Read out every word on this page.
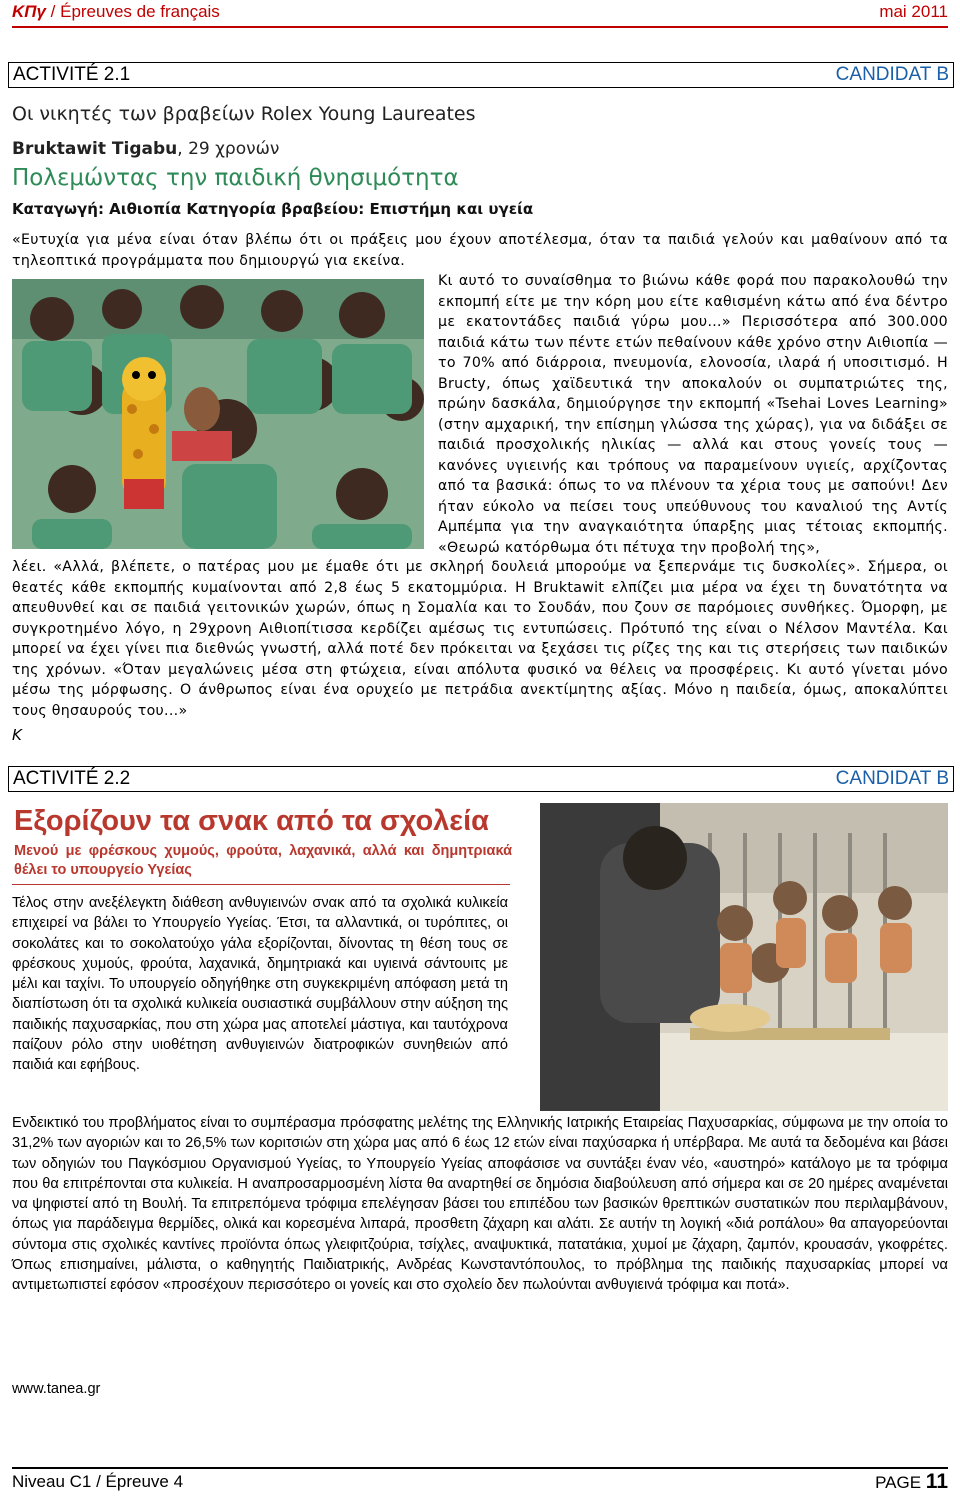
ΚΠγ / Épreuves de français	mai 2011
ACTIVITÉ 2.1	CANDIDAT B
Οι νικητές των βραβείων Rolex Young Laureates
Bruktawit Tigabu, 29 χρονών
Πολεμώντας την παιδική θνησιμότητα
Καταγωγή: Αιθιοπία Κατηγορία βραβείου: Επιστήμη και υγεία
«Ευτυχία για μένα είναι όταν βλέπω ότι οι πράξεις μου έχουν αποτέλεσμα, όταν τα παιδιά γελούν και μαθαίνουν από τα τηλεοπτικά προγράμματα που δημιουργώ για εκείνα.
Κι αυτό το συναίσθημα το βιώνω κάθε φορά που παρακολουθώ την εκπομπή είτε με την κόρη μου είτε καθισμένη κάτω από ένα δέντρο με εκατοντάδες παιδιά γύρω μου…» Περισσότερα από 300.000 παιδιά κάτω των πέντε ετών πεθαίνουν κάθε χρόνο στην Αιθιοπία — το 70% από διάρροια, πνευμονία, ελονοσία, ιλαρά ή υποσιτισμό. Η Bructy, όπως χαϊδευτικά την αποκαλούν οι συμπατριώτες της, πρώην δασκάλα, δημιούργησε την εκπομπή «Tsehai Loves Learning» (στην αμχαρική, την επίσημη γλώσσα της χώρας), για να διδάξει σε παιδιά προσχολικής ηλικίας — αλλά και στους γονείς τους — κανόνες υγιεινής και τρόπους να παραμείνουν υγιείς, αρχίζοντας από τα βασικά: όπως το να πλένουν τα χέρια τους με σαπούνι! Δεν ήταν εύκολο να πείσει τους υπεύθυνους του καναλιού της Αντίς Αμπέμπα για την αναγκαιότητα ύπαρξης μιας τέτοιας εκπομπής. «Θεωρώ κατόρθωμα ότι πέτυχα την προβολή της»,
λέει. «Αλλά, βλέπετε, ο πατέρας μου με έμαθε ότι με σκληρή δουλειά μπορούμε να ξεπερνάμε τις δυσκολίες». Σήμερα, οι θεατές κάθε εκπομπής κυμαίνονται από 2,8 έως 5 εκατομμύρια. Η Bruktawit ελπίζει μια μέρα να έχει τη δυνατότητα να απευθυνθεί και σε παιδιά γειτονικών χωρών, όπως η Σομαλία και το Σουδάν, που ζουν σε παρόμοιες συνθήκες. Όμορφη, με συγκροτημένο λόγο, η 29χρονη Αιθιοπίτισσα κερδίζει αμέσως τις εντυπώσεις. Πρότυπό της είναι ο Νέλσον Μαντέλα. Και μπορεί να έχει γίνει πια διεθνώς γνωστή, αλλά ποτέ δεν πρόκειται να ξεχάσει τις ρίζες της και τις στερήσεις των παιδικών της χρόνων. «Όταν μεγαλώνεις μέσα στη φτώχεια, είναι απόλυτα φυσικό να θέλεις να προσφέρεις. Κι αυτό γίνεται μόνο μέσω της μόρφωσης. Ο άνθρωπος είναι ένα ορυχείο με πετράδια ανεκτίμητης αξίας. Μόνο η παιδεία, όμως, αποκαλύπτει τους θησαυρούς του...»
Κ
ACTIVITÉ 2.2	CANDIDAT B
Εξορίζουν τα σνακ από τα σχολεία
Μενού με φρέσκους χυμούς, φρούτα, λαχανικά, αλλά και δημητριακά θέλει το υπουργείο Υγείας
Τέλος στην ανεξέλεγκτη διάθεση ανθυγιεινών σνακ από τα σχολικά κυλικεία επιχειρεί να βάλει το Υπουργείο Υγείας. Έτσι, τα αλλαντικά, οι τυρόπιτες, οι σοκολάτες και το σοκολατούχο γάλα εξορίζονται, δίνοντας τη θέση τους σε φρέσκους χυμούς, φρούτα, λαχανικά, δημητριακά και υγιεινά σάντουιτς με μέλι και ταχίνι. Το υπουργείο οδηγήθηκε στη συγκεκριμένη απόφαση μετά τη διαπίστωση ότι τα σχολικά κυλικεία ουσιαστικά συμβάλλουν στην αύξηση της παιδικής παχυσαρκίας, που στη χώρα μας αποτελεί μάστιγα, και ταυτόχρονα παίζουν ρόλο στην υιοθέτηση ανθυγιεινών διατροφικών συνηθειών από παιδιά και εφήβους.
Ενδεικτικό του προβλήματος είναι το συμπέρασμα πρόσφατης μελέτης της Ελληνικής Ιατρικής Εταιρείας Παχυσαρκίας, σύμφωνα με την οποία το 31,2% των αγοριών και το 26,5% των κοριτσιών στη χώρα μας από 6 έως 12 ετών είναι παχύσαρκα ή υπέρβαρα. Με αυτά τα δεδομένα και βάσει των οδηγιών του Παγκόσμιου Οργανισμού Υγείας, το Υπουργείο Υγείας αποφάσισε να συντάξει έναν νέο, «αυστηρό» κατάλογο με τα τρόφιμα που θα επιτρέπονται στα κυλικεία. Η αναπροσαρμοσμένη λίστα θα αναρτηθεί σε δημόσια διαβούλευση από σήμερα και σε 20 ημέρες αναμένεται να ψηφιστεί από τη Βουλή. Τα επιτρεπόμενα τρόφιμα επελέγησαν βάσει του επιπέδου των βασικών θρεπτικών συστατικών που περιλαμβάνουν, όπως για παράδειγμα θερμίδες, ολικά και κορεσμένα λιπαρά, προσθετη ζάχαρη και αλάτι. Σε αυτήν τη λογική «διά ροπάλου» θα απαγορεύονται σύντομα στις σχολικές καντίνες προϊόντα όπως γλειφιτζούρια, τσίχλες, αναψυκτικά, πατατάκια, χυμοί με ζάχαρη, ζαμπόν, κρουασάν, γκοφρέτες. Όπως επισημαίνει, μάλιστα, ο καθηγητής Παιδιατρικής, Ανδρέας Κωνσταντόπουλος, το πρόβλημα της παιδικής παχυσαρκίας μπορεί να αντιμετωπιστεί εφόσον «προσέχουν περισσότερο οι γονείς και στο σχολείο δεν πωλούνται ανθυγιεινά τρόφιμα και ποτά».
www.tanea.gr
Niveau C1 / Épreuve 4	PAGE 11
